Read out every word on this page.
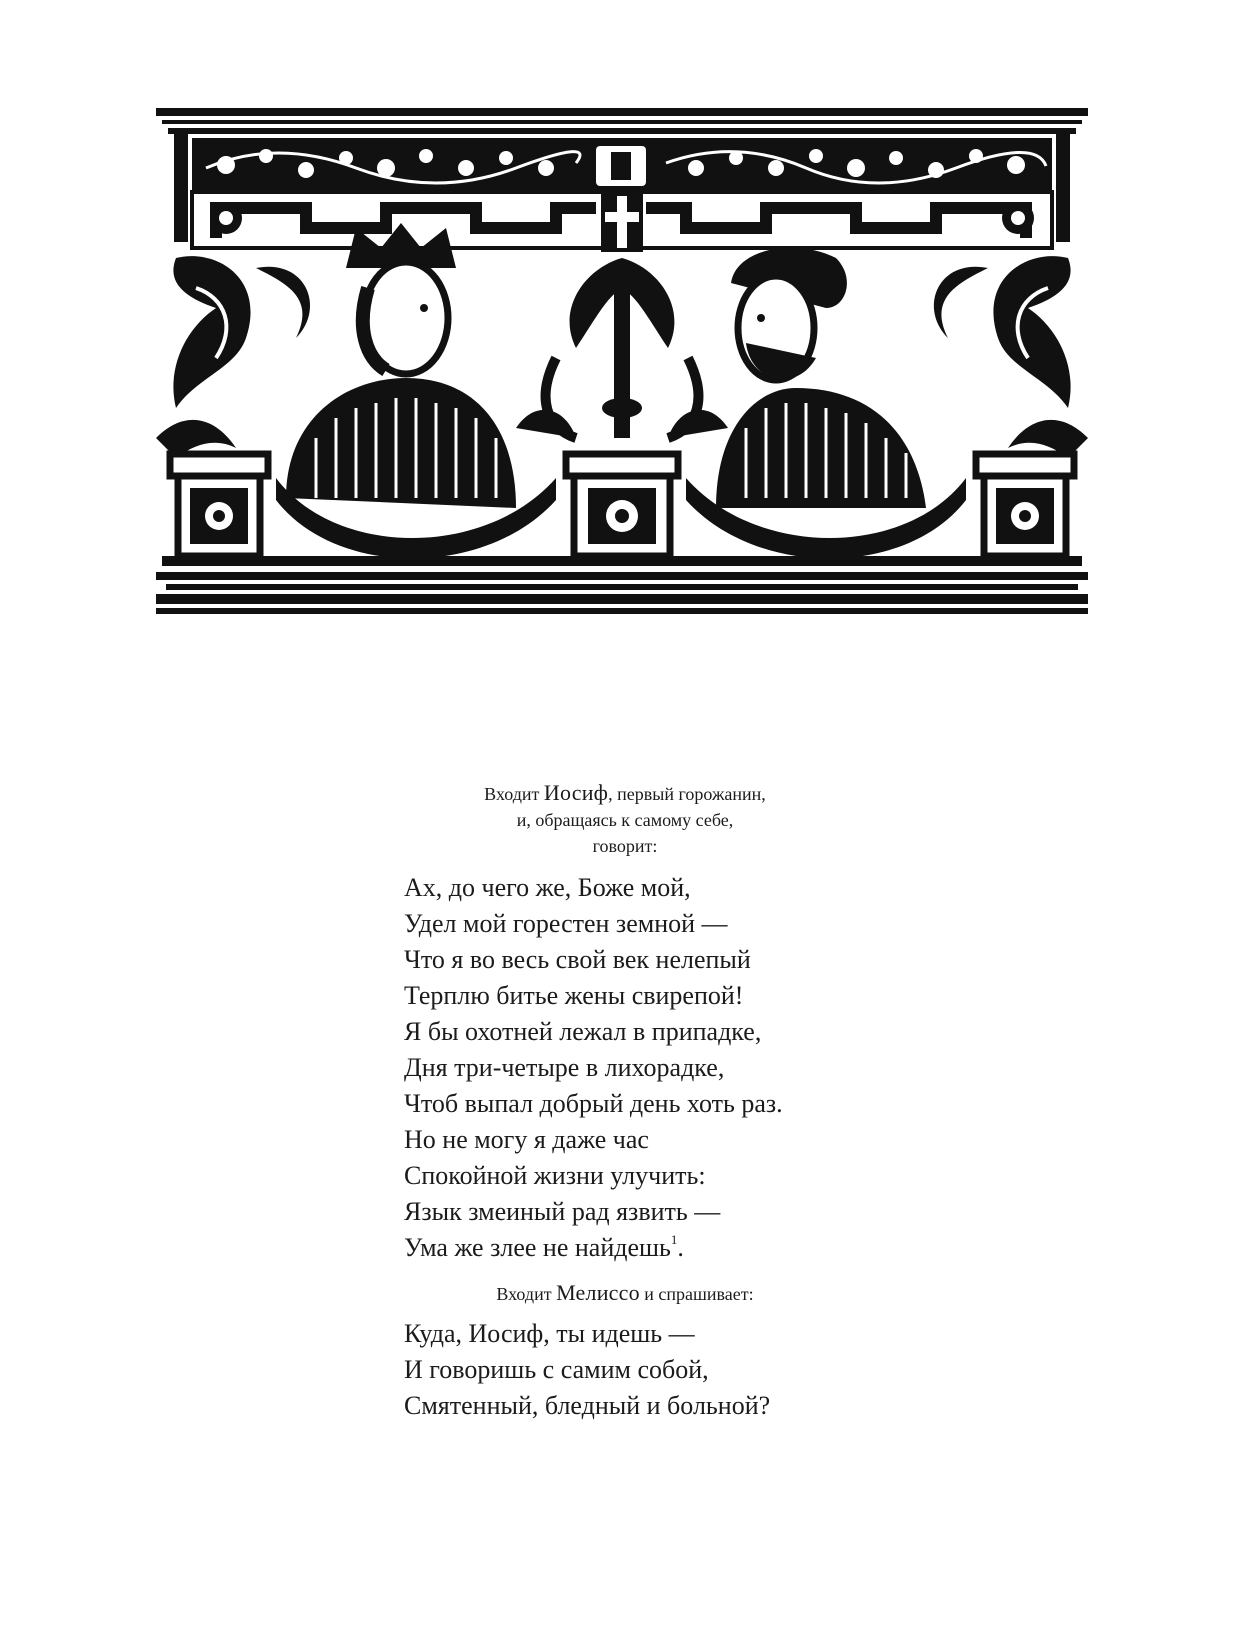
Входит Иосиф, первый горожанин,
и, обращаясь к самому себе,
говорит:
Ах, до чего же, Боже мой,
Удел мой горестен земной —
Что я во весь свой век нелепый
Терплю битье жены свирепой!
Я бы охотней лежал в припадке,
Дня три-четыре в лихорадке,
Чтоб выпал добрый день хоть раз.
Но не могу я даже час
Спокойной жизни улучить:
Язык змеиный рад язвить —
Ума же злее не найдешь$^1$.
Входит Мелиссо и спрашивает:
Куда, Иосиф, ты идешь —
И говоришь с самим собой,
Смятенный, бледный и больной?
